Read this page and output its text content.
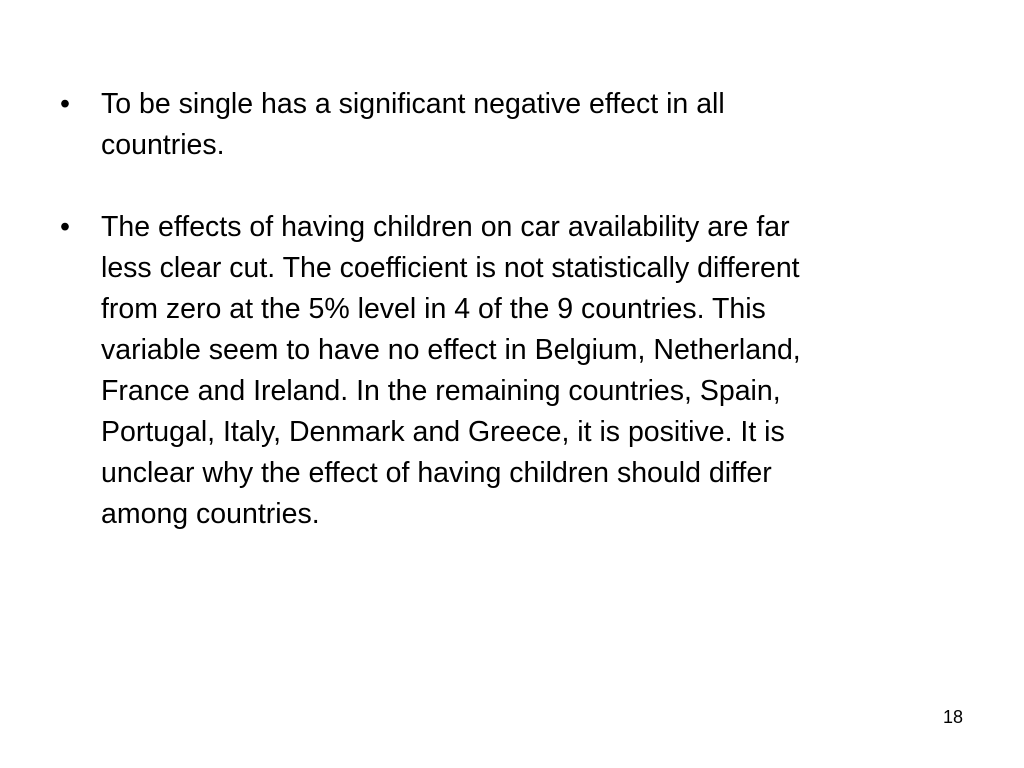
•	To be single has a significant negative effect in all
countries.
•	The effects of having children on car availability are far
less clear cut. The coefficient is not statistically different
from zero at the 5% level in 4 of the 9 countries. This
variable seem to have no effect in Belgium, Netherland,
France and Ireland. In the remaining countries, Spain,
Portugal, Italy, Denmark and Greece, it is positive. It is
unclear why the effect of having children should differ
among countries.
18
